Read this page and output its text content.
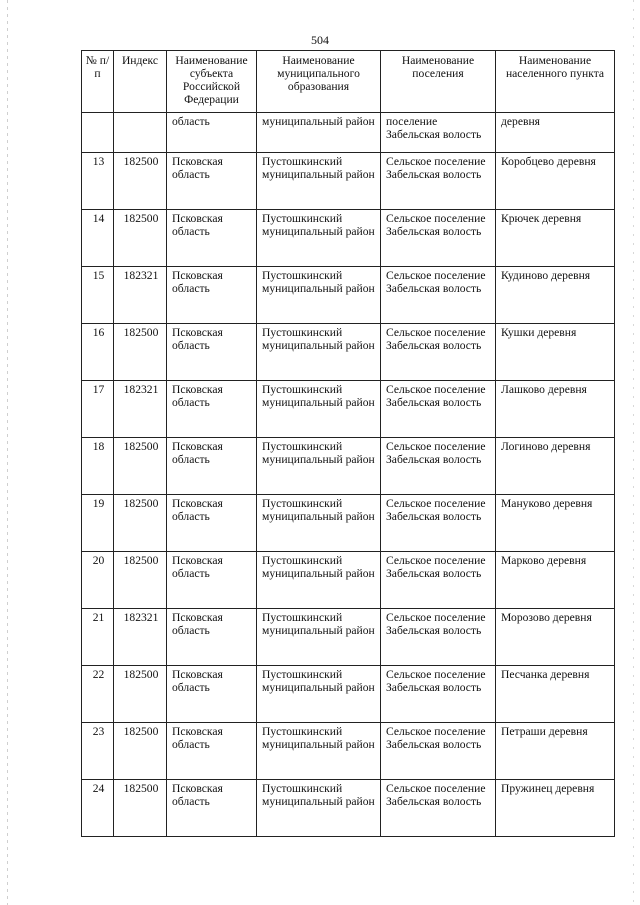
504
№ п/п	Индекс	Наименование субъекта Российской Федерации	Наименование муниципального образования	Наименование поселения	Наименование населенного пункта
		область	муниципальный район	поселение Забельская волость	деревня
13	182500	Псковская область	Пустошкинский муниципальный район	Сельское поселение Забельская волость	Коробцево деревня
14	182500	Псковская область	Пустошкинский муниципальный район	Сельское поселение Забельская волость	Крючек деревня
15	182321	Псковская область	Пустошкинский муниципальный район	Сельское поселение Забельская волость	Кудиново деревня
16	182500	Псковская область	Пустошкинский муниципальный район	Сельское поселение Забельская волость	Кушки деревня
17	182321	Псковская область	Пустошкинский муниципальный район	Сельское поселение Забельская волость	Лашково деревня
18	182500	Псковская область	Пустошкинский муниципальный район	Сельское поселение Забельская волость	Логиново деревня
19	182500	Псковская область	Пустошкинский муниципальный район	Сельское поселение Забельская волость	Мануково деревня
20	182500	Псковская область	Пустошкинский муниципальный район	Сельское поселение Забельская волость	Марково деревня
21	182321	Псковская область	Пустошкинский муниципальный район	Сельское поселение Забельская волость	Морозово деревня
22	182500	Псковская область	Пустошкинский муниципальный район	Сельское поселение Забельская волость	Песчанка деревня
23	182500	Псковская область	Пустошкинский муниципальный район	Сельское поселение Забельская волость	Петраши деревня
24	182500	Псковская область	Пустошкинский муниципальный район	Сельское поселение Забельская волость	Пружинец деревня
